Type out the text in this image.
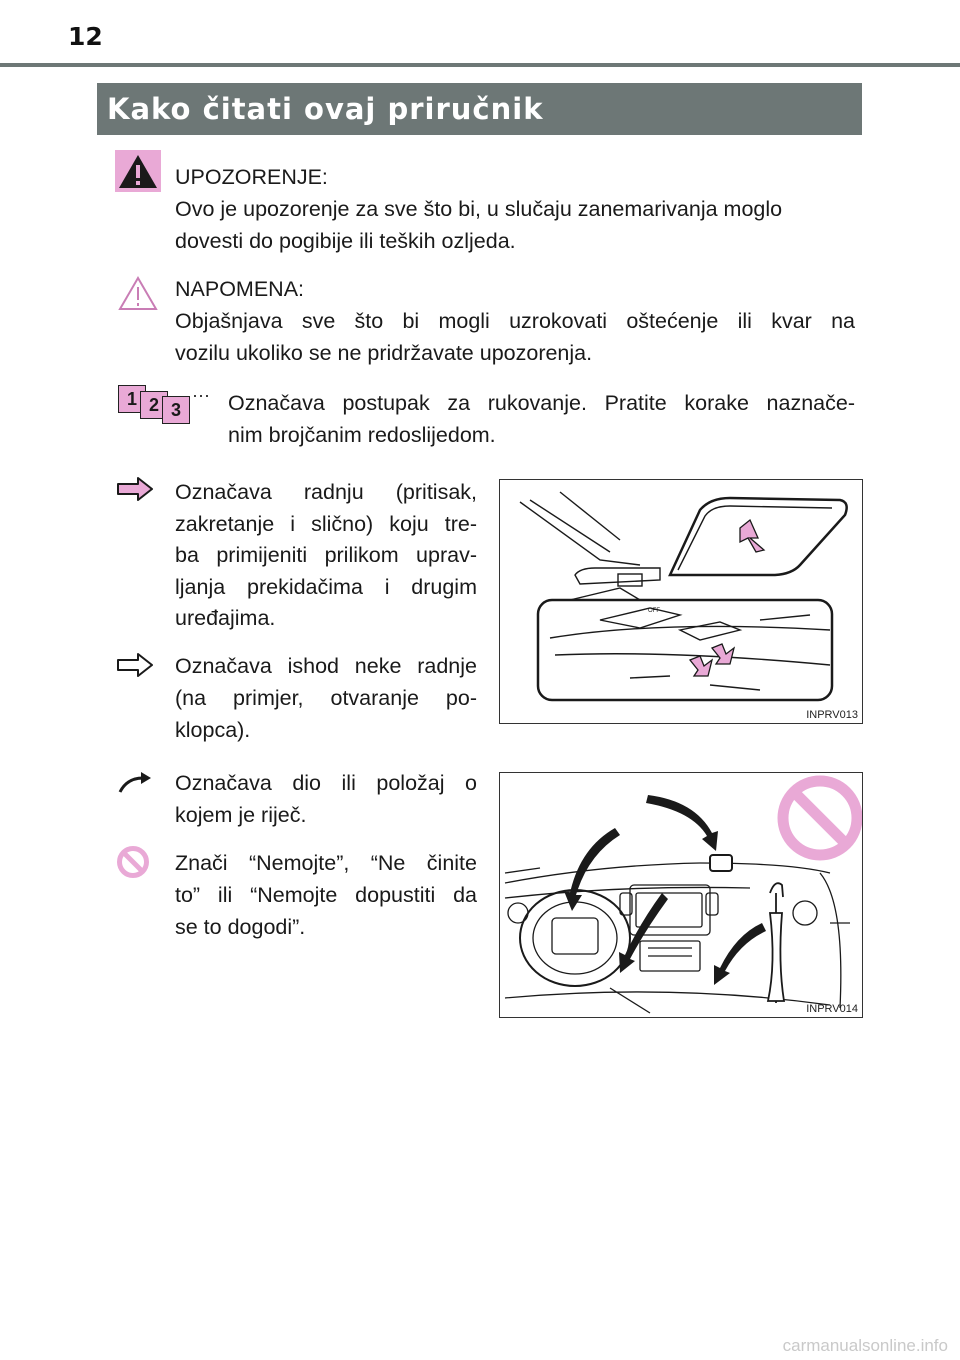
12
Kako čitati ovaj priručnik
UPOZORENJE:
Ovo je upozorenje za sve što bi, u slučaju zanemarivanja moglo
dovesti do pogibije ili teških ozljeda.
NAPOMENA:
Objašnjava sve što bi mogli uzrokovati oštećenje ili kvar na
vozilu ukoliko se ne pridržavate upozorenja.
1 2 3
··· Označava postupak za rukovanje. Pratite korake naznače-
nim brojčanim redoslijedom.
Označava radnju (pritisak,
zakretanje i slično) koju tre-
ba primijeniti prilikom uprav-
ljanja prekidačima i drugim
uređajima.
Označava ishod neke radnje
(na primjer, otvaranje po-
klopca).
Označava dio ili položaj o
kojem je riječ.
Znači “Nemojte”, “Ne činite
to” ili “Nemojte dopustiti da
se to dogodi”.
OFF
INPRV013
INPRV014
carmanualsonline.info
